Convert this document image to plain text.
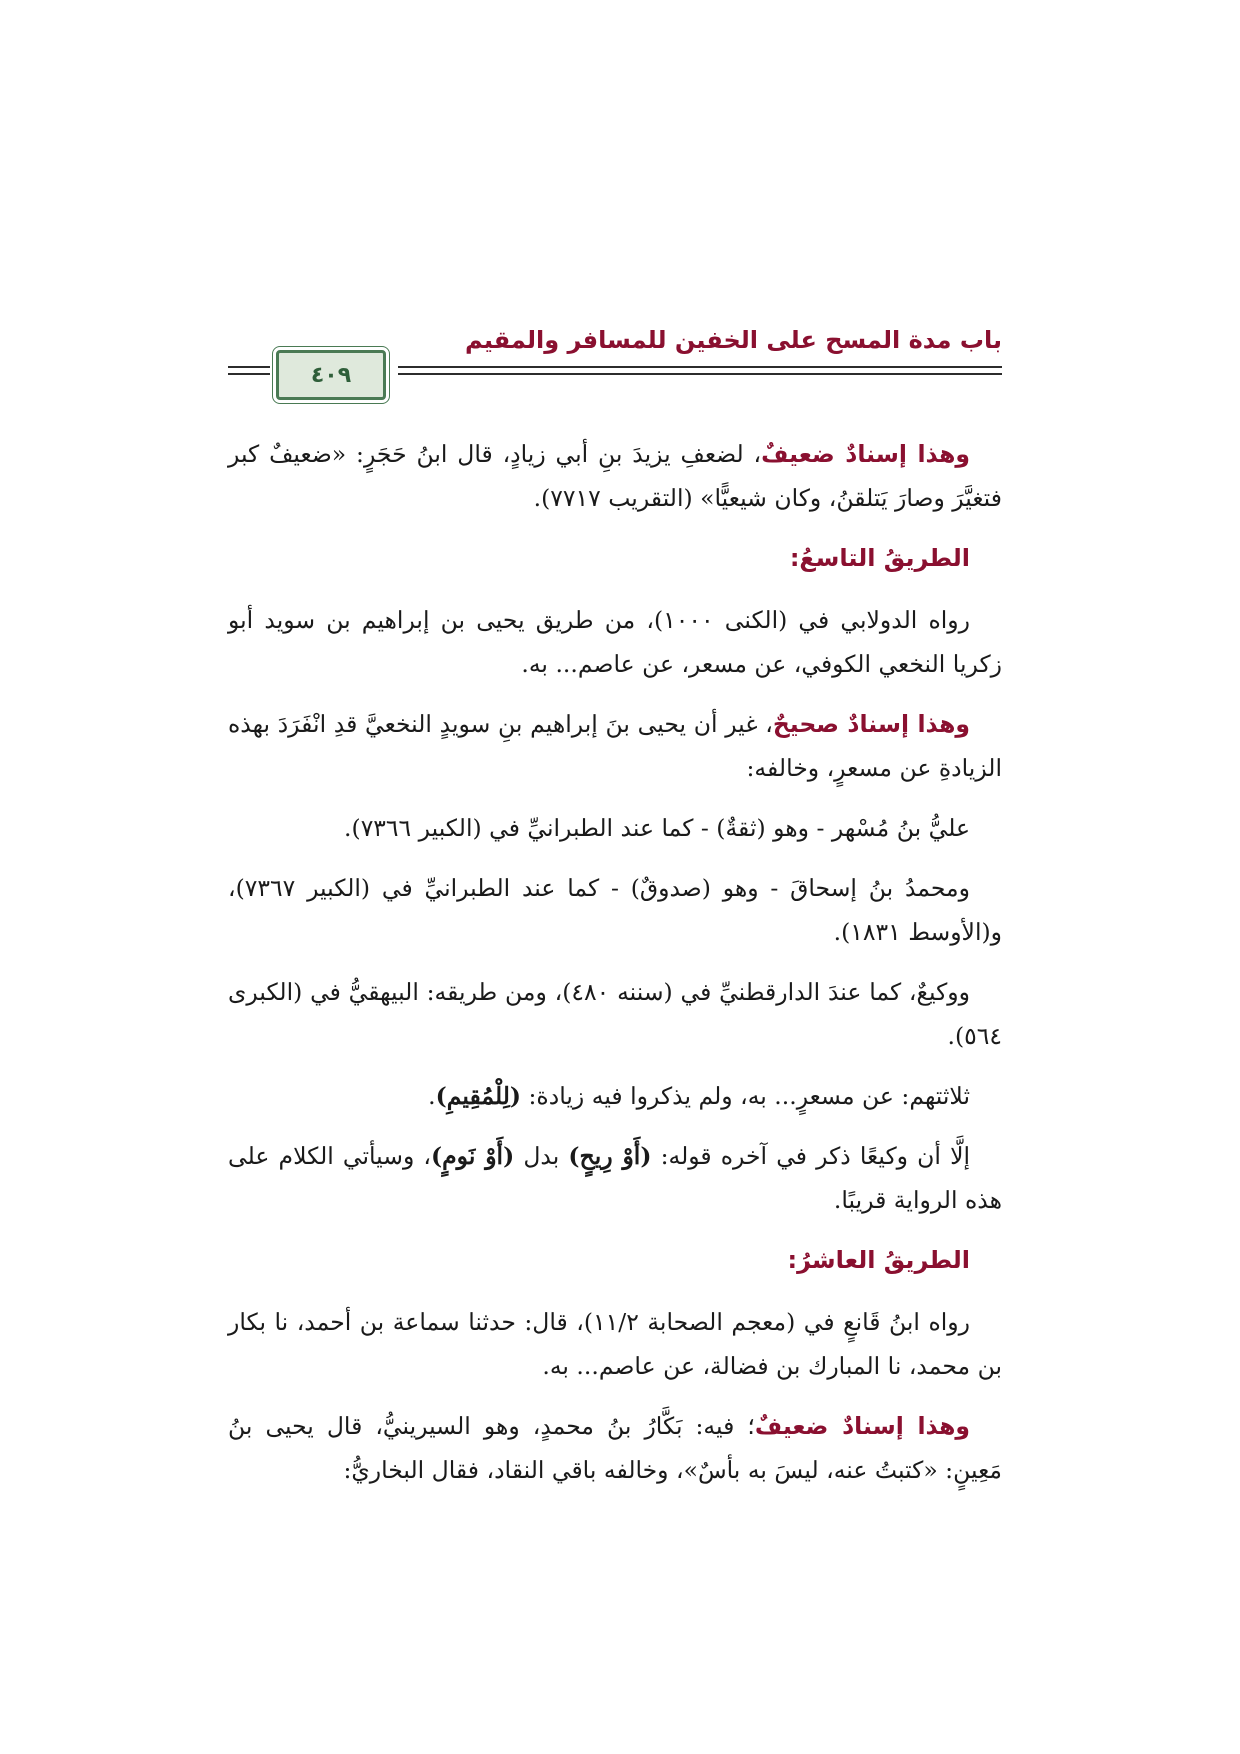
باب مدة المسح على الخفين للمسافر والمقيم
٤٠٩

وهذا إسنادٌ ضعيفٌ، لضعفِ يزيدَ بنِ أبي زيادٍ، قال ابنُ حَجَرٍ: «ضعيفٌ كبر فتغيَّرَ وصارَ يَتلقنُ، وكان شيعيًّا» (التقريب ٧٧١٧).

الطريقُ التاسعُ:

رواه الدولابي في (الكنى ١٠٠٠)، من طريق يحيى بن إبراهيم بن سويد أبو زكريا النخعي الكوفي، عن مسعر، عن عاصم... به.

وهذا إسنادٌ صحيحٌ، غير أن يحيى بنَ إبراهيم بنِ سويدٍ النخعيَّ قدِ انْفَرَدَ بهذه الزيادةِ عن مسعرٍ، وخالفه:

عليُّ بنُ مُسْهر - وهو (ثقةٌ) - كما عند الطبرانيِّ في (الكبير ٧٣٦٦).

ومحمدُ بنُ إسحاقَ - وهو (صدوقٌ) - كما عند الطبرانيِّ في (الكبير ٧٣٦٧)، و(الأوسط ١٨٣١).

ووكيعٌ، كما عندَ الدارقطنيِّ في (سننه ٤٨٠)، ومن طريقه: البيهقيُّ في (الكبرى ٥٦٤).

ثلاثتهم: عن مسعرٍ... به، ولم يذكروا فيه زيادة: (لِلْمُقِيمِ).

إلَّا أن وكيعًا ذكر في آخره قوله: (أَوْ رِيحٍ) بدل (أَوْ نَومٍ)، وسيأتي الكلام على هذه الرواية قريبًا.

الطريقُ العاشرُ:

رواه ابنُ قَانعٍ في (معجم الصحابة ١١/٢)، قال: حدثنا سماعة بن أحمد، نا بكار بن محمد، نا المبارك بن فضالة، عن عاصم... به.

وهذا إسنادٌ ضعيفٌ؛ فيه: بَكَّارُ بنُ محمدٍ، وهو السيرينيُّ، قال يحيى بنُ مَعِينٍ: «كتبتُ عنه، ليسَ به بأسٌ»، وخالفه باقي النقاد، فقال البخاريُّ:
